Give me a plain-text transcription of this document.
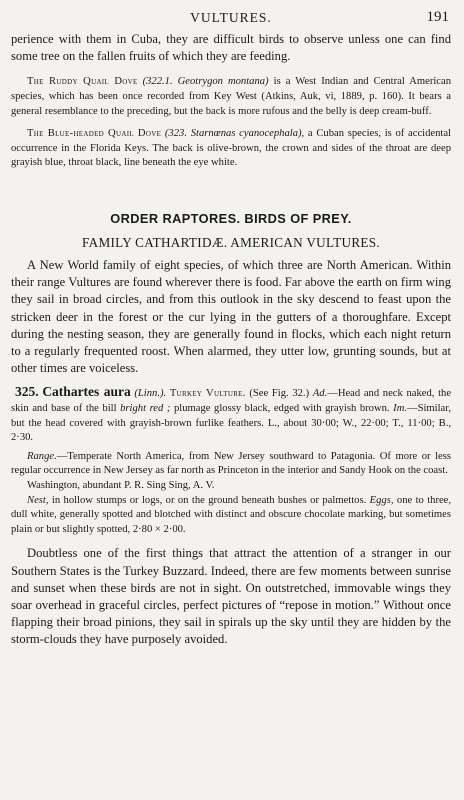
VULTURES.	191

perience with them in Cuba, they are difficult birds to observe unless one can find some tree on the fallen fruits of which they are feeding.

The Ruddy Quail Dove (322.1. Geotrygon montana) is a West Indian and Central American species, which has been once recorded from Key West (Atkins, Auk, vi, 1889, p. 160). It bears a general resemblance to the preceding, but the back is more rufous and the belly is deep cream-buff.

The Blue-headed Quail Dove (323. Starnœnas cyanocephala), a Cuban species, is of accidental occurrence in the Florida Keys. The back is olive-brown, the crown and sides of the throat are deep grayish blue, throat black, line beneath the eye white.

ORDER RAPTORES. BIRDS OF PREY.
FAMILY CATHARTIDÆ. AMERICAN VULTURES.

A New World family of eight species, of which three are North American. Within their range Vultures are found wherever there is food. Far above the earth on firm wing they sail in broad circles, and from this outlook in the sky descend to feast upon the stricken deer in the forest or the cur lying in the gutters of a thoroughfare. Except during the nesting season, they are generally found in flocks, which each night return to a regularly frequented roost. When alarmed, they utter low, grunting sounds, but at other times are voiceless.

325. Cathartes aura (Linn.). Turkey Vulture. (See Fig. 32.) Ad.—Head and neck naked, the skin and base of the bill bright red ; plumage glossy black, edged with grayish brown. Im.—Similar, but the head covered with grayish-brown furlike feathers. L., about 30·00; W., 22·00; T., 11·00; B., 2·30.

Range.—Temperate North America, from New Jersey southward to Patagonia. Of more or less regular occurrence in New Jersey as far north as Princeton in the interior and Sandy Hook on the coast.

Washington, abundant P. R. Sing Sing, A. V.

Nest, in hollow stumps or logs, or on the ground beneath bushes or palmettos. Eggs, one to three, dull white, generally spotted and blotched with distinct and obscure chocolate marking, but sometimes plain or but slightly spotted, 2·80 × 2·00.

Doubtless one of the first things that attract the attention of a stranger in our Southern States is the Turkey Buzzard. Indeed, there are few moments between sunrise and sunset when these birds are not in sight. On outstretched, immovable wings they soar overhead in graceful circles, perfect pictures of “repose in motion.” Without once flapping their broad pinions, they sail in spirals up the sky until they are hidden by the storm-clouds they have purposely avoided.
